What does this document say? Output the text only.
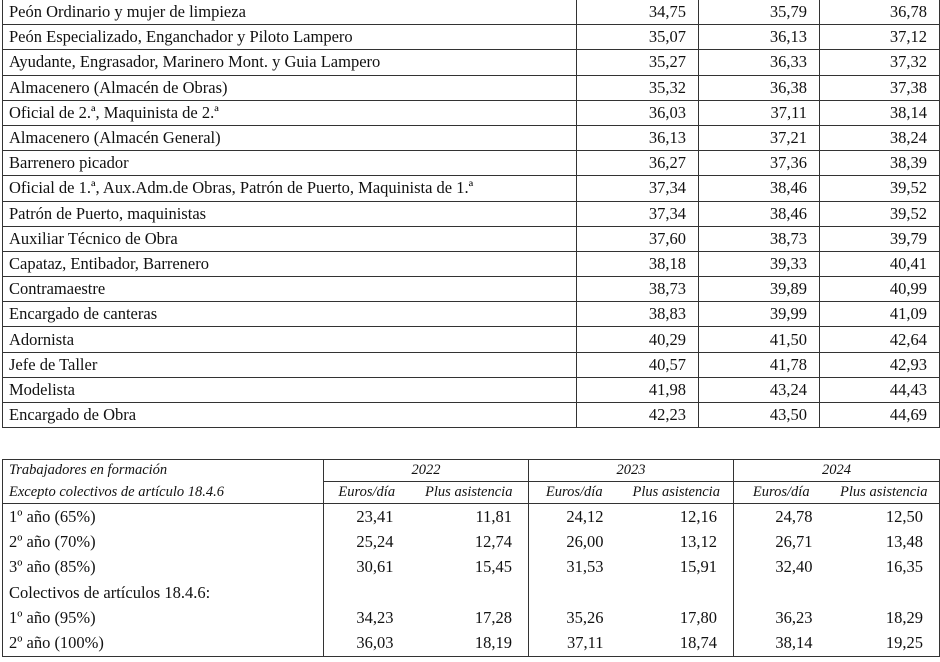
Peón Ordinario y mujer de limpieza	34,75	35,79	36,78
Peón Especializado, Enganchador y Piloto Lampero	35,07	36,13	37,12
Ayudante, Engrasador, Marinero Mont. y Guia Lampero	35,27	36,33	37,32
Almacenero (Almacén de Obras)	35,32	36,38	37,38
Oficial de 2.ª, Maquinista de 2.ª	36,03	37,11	38,14
Almacenero (Almacén General)	36,13	37,21	38,24
Barrenero picador	36,27	37,36	38,39
Oficial de 1.ª, Aux.Adm.de Obras, Patrón de Puerto, Maquinista de 1.ª	37,34	38,46	39,52
Patrón de Puerto, maquinistas	37,34	38,46	39,52
Auxiliar Técnico de Obra	37,60	38,73	39,79
Capataz, Entibador, Barrenero	38,18	39,33	40,41
Contramaestre	38,73	39,89	40,99
Encargado de canteras	38,83	39,99	41,09
Adornista	40,29	41,50	42,64
Jefe de Taller	40,57	41,78	42,93
Modelista	41,98	43,24	44,43
Encargado de Obra	42,23	43,50	44,69
Trabajadores en formación	2022		2023		2024	
Excepto colectivos de artículo 18.4.6	Euros/día	Plus asistencia	Euros/día	Plus asistencia	Euros/día	Plus asistencia
1º año (65%)	23,41	11,81	24,12	12,16	24,78	12,50
2º año (70%)	25,24	12,74	26,00	13,12	26,71	13,48
3º año (85%)	30,61	15,45	31,53	15,91	32,40	16,35
Colectivos de artículos 18.4.6:						
1º año (95%)	34,23	17,28	35,26	17,80	36,23	18,29
2º año (100%)	36,03	18,19	37,11	18,74	38,14	19,25
